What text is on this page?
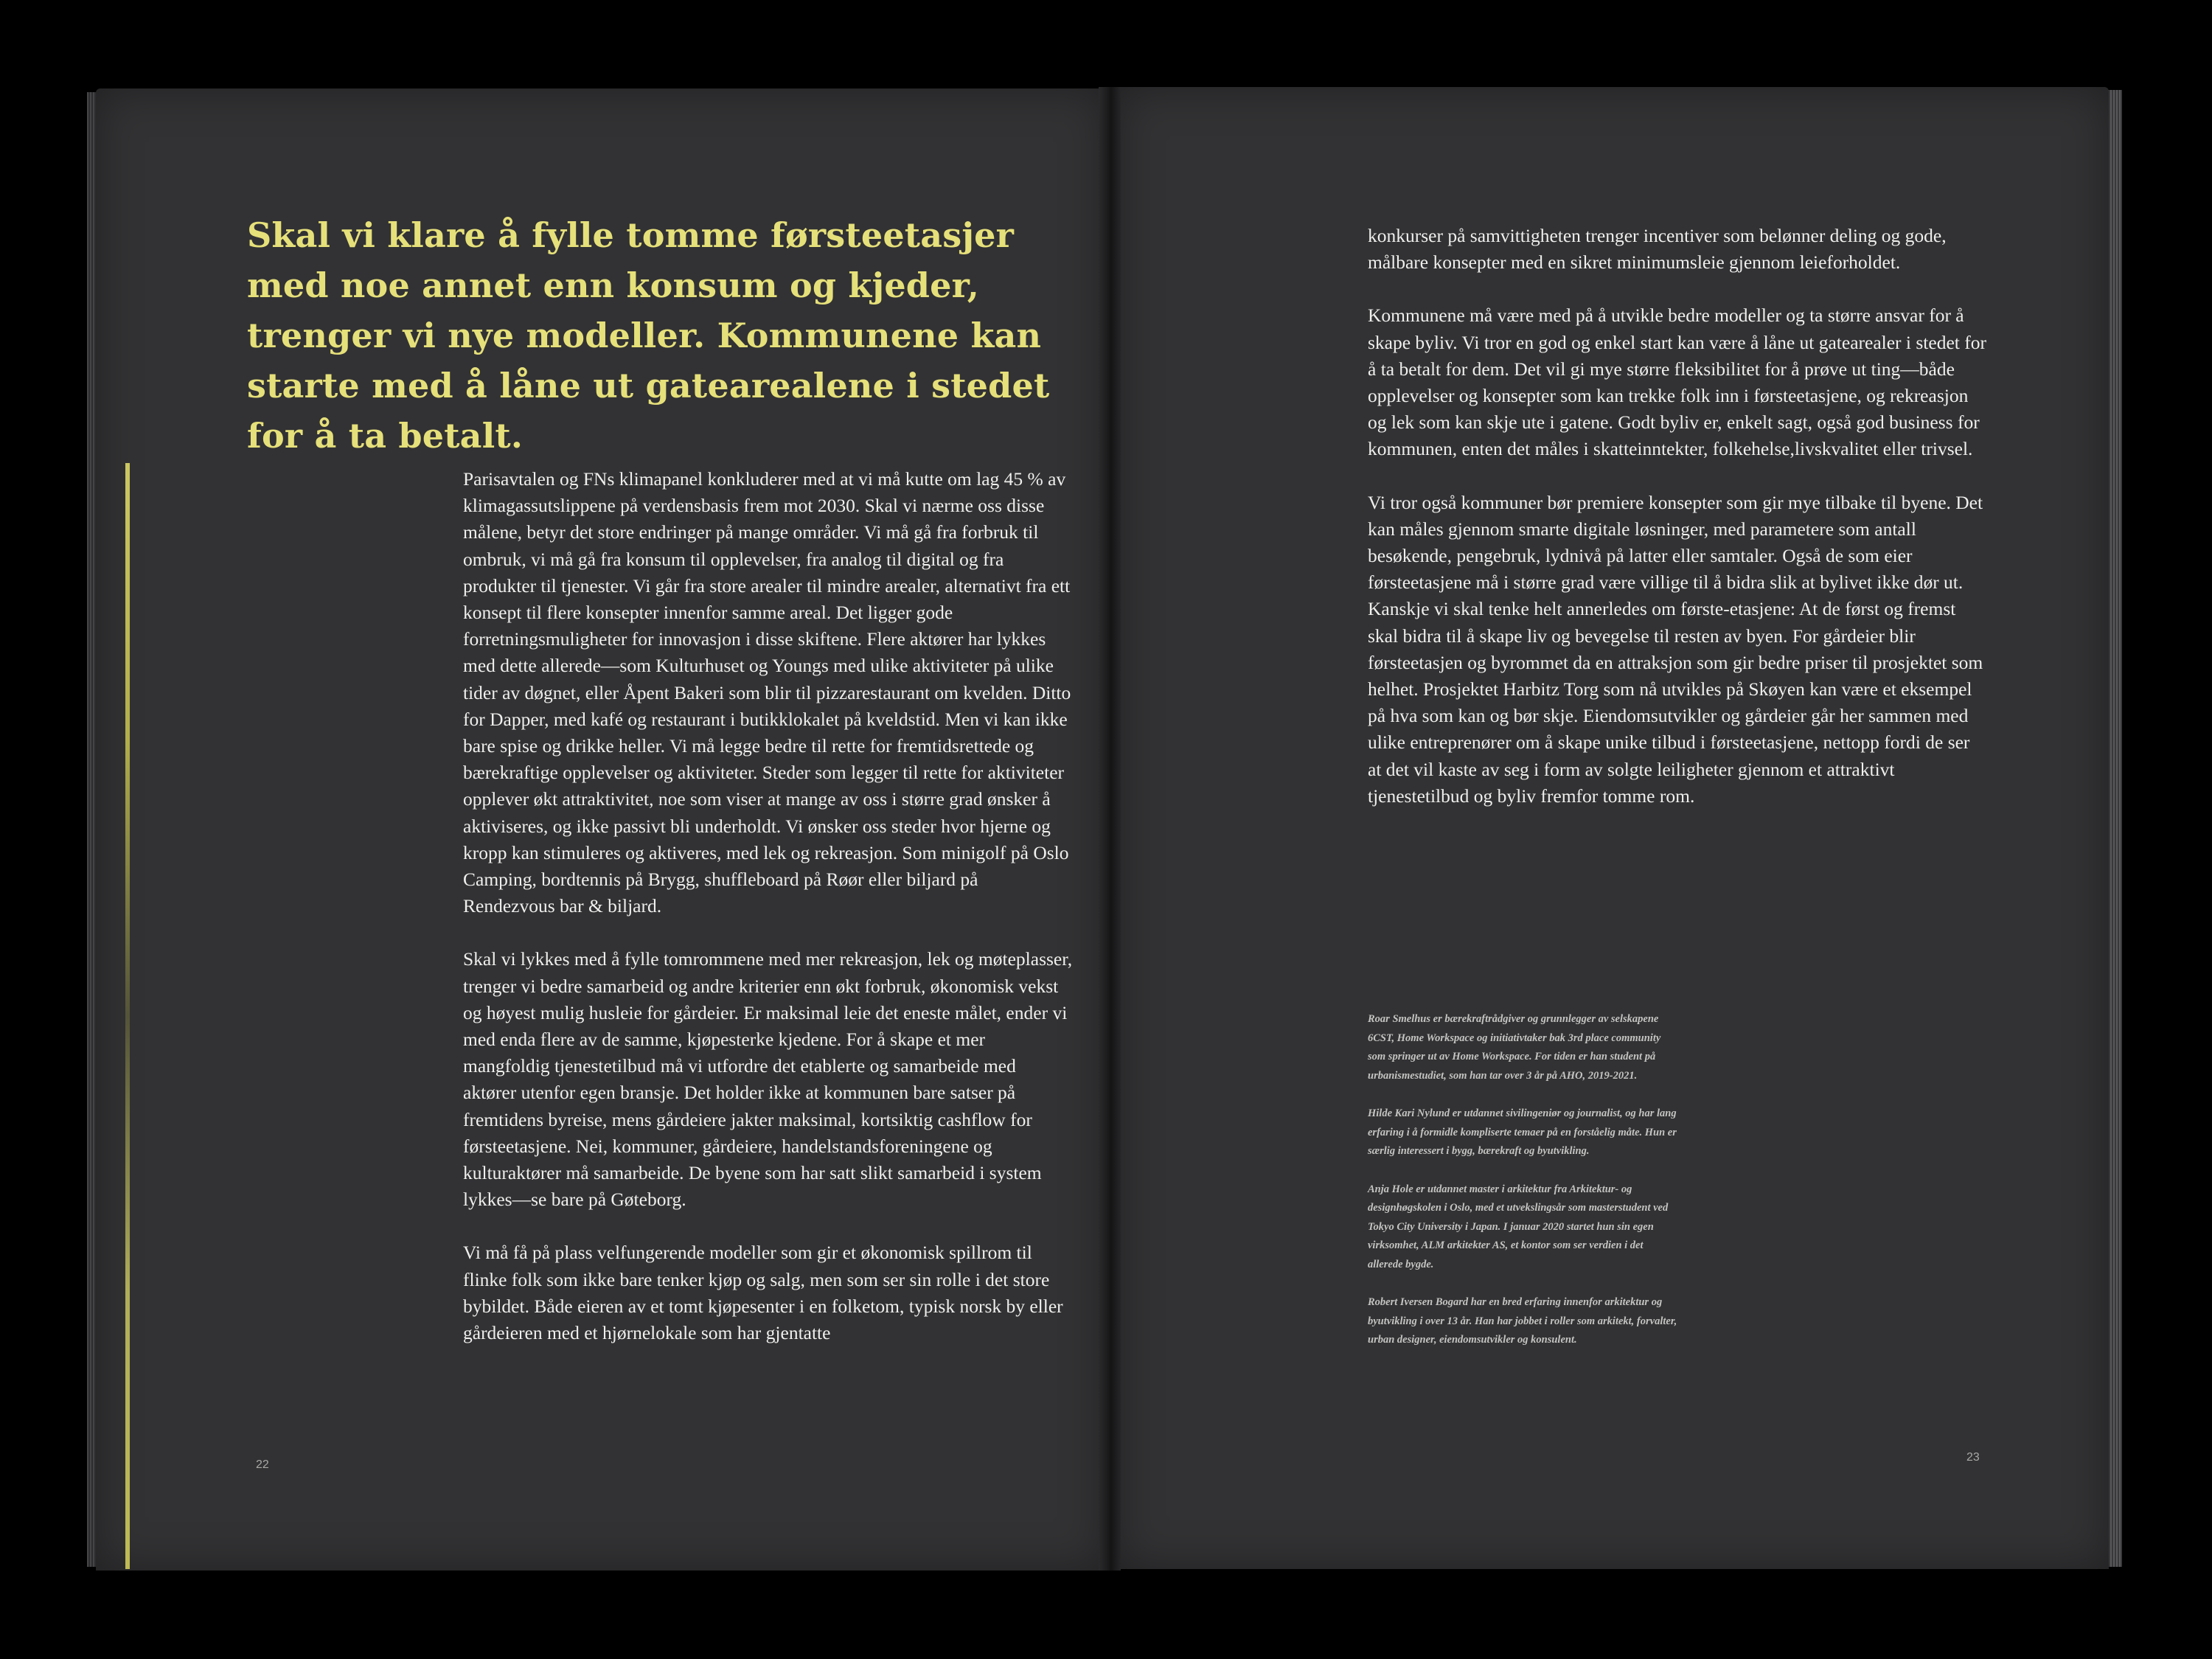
Skal vi klare å fylle tomme førsteetasjer med noe annet enn konsum og kjeder, trenger vi nye modeller. Kommunene kan starte med å låne ut gatearealene i stedet for å ta betalt.

Parisavtalen og FNs klimapanel konkluderer med at vi må kutte om lag 45 % av klimagassutslippene på verdensbasis frem mot 2030. Skal vi nærme oss disse målene, betyr det store endringer på mange områder. Vi må gå fra forbruk til ombruk, vi må gå fra konsum til opplevelser, fra analog til digital og fra produkter til tjenester. Vi går fra store arealer til mindre arealer, alternativt fra ett konsept til flere konsepter innenfor samme areal. Det ligger gode forretningsmuligheter for innovasjon i disse skiftene. Flere aktører har lykkes med dette allerede—som Kulturhuset og Youngs med ulike aktiviteter på ulike tider av døgnet, eller Åpent Bakeri som blir til pizzarestaurant om kvelden. Ditto for Dapper, med kafé og restaurant i butikklokalet på kveldstid. Men vi kan ikke bare spise og drikke heller. Vi må legge bedre til rette for fremtidsrettede og bærekraftige opplevelser og aktiviteter. Steder som legger til rette for aktiviteter opplever økt attraktivitet, noe som viser at mange av oss i større grad ønsker å aktiviseres, og ikke passivt bli underholdt. Vi ønsker oss steder hvor hjerne og kropp kan stimuleres og aktiveres, med lek og rekreasjon. Som minigolf på Oslo Camping, bordtennis på Brygg, shuffleboard på Røør eller biljard på Rendezvous bar & biljard.

Skal vi lykkes med å fylle tomrommene med mer rekreasjon, lek og møteplasser, trenger vi bedre samarbeid og andre kriterier enn økt forbruk, økonomisk vekst og høyest mulig husleie for gårdeier. Er maksimal leie det eneste målet, ender vi med enda flere av de samme, kjøpesterke kjedene. For å skape et mer mangfoldig tjenestetilbud må vi utfordre det etablerte og samarbeide med aktører utenfor egen bransje. Det holder ikke at kommunen bare satser på fremtidens byreise, mens gårdeiere jakter maksimal, kortsiktig cashflow for førsteetasjene. Nei, kommuner, gårdeiere, handelstandsforeningene og kulturaktører må samarbeide. De byene som har satt slikt samarbeid i system lykkes—se bare på Gøteborg.

Vi må få på plass velfungerende modeller som gir et økonomisk spillrom til flinke folk som ikke bare tenker kjøp og salg, men som ser sin rolle i det store bybildet. Både eieren av et tomt kjøpesenter i en folketom, typisk norsk by eller gårdeieren med et hjørnelokale som har gjentatte

konkurser på samvittigheten trenger incentiver som belønner deling og gode, målbare konsepter med en sikret minimumsleie gjennom leieforholdet.

Kommunene må være med på å utvikle bedre modeller og ta større ansvar for å skape byliv. Vi tror en god og enkel start kan være å låne ut gatearealer i stedet for å ta betalt for dem. Det vil gi mye større fleksibilitet for å prøve ut ting—både opplevelser og konsepter som kan trekke folk inn i førsteetasjene, og rekreasjon og lek som kan skje ute i gatene. Godt byliv er, enkelt sagt, også god business for kommunen, enten det måles i skatteinntekter, folkehelse,livskvalitet eller trivsel.

Vi tror også kommuner bør premiere konsepter som gir mye tilbake til byene. Det kan måles gjennom smarte digitale løsninger, med parametere som antall besøkende, pengebruk, lydnivå på latter eller samtaler. Også de som eier førsteetasjene må i større grad være villige til å bidra slik at bylivet ikke dør ut. Kanskje vi skal tenke helt annerledes om første-etasjene: At de først og fremst skal bidra til å skape liv og bevegelse til resten av byen. For gårdeier blir førsteetasjen og byrommet da en attraksjon som gir bedre priser til prosjektet som helhet. Prosjektet Harbitz Torg som nå utvikles på Skøyen kan være et eksempel på hva som kan og bør skje. Eiendomsutvikler og gårdeier går her sammen med ulike entreprenører om å skape unike tilbud i førsteetasjene, nettopp fordi de ser at det vil kaste av seg i form av solgte leiligheter gjennom et attraktivt tjenestetilbud og byliv fremfor tomme rom.

Roar Smelhus er bærekraftrådgiver og grunnlegger av selskapene 6CST, Home Workspace og initiativtaker bak 3rd place community som springer ut av Home Workspace. For tiden er han student på urbanismestudiet, som han tar over 3 år på AHO, 2019-2021.

Hilde Kari Nylund er utdannet sivilingeniør og journalist, og har lang erfaring i å formidle kompliserte temaer på en forståelig måte. Hun er særlig interessert i bygg, bærekraft og byutvikling.

Anja Hole er utdannet master i arkitektur fra Arkitektur- og designhøgskolen i Oslo, med et utvekslingsår som masterstudent ved Tokyo City University i Japan. I januar 2020 startet hun sin egen virksomhet, ALM arkitekter AS, et kontor som ser verdien i det allerede bygde.

Robert Iversen Bogard har en bred erfaring innenfor arkitektur og byutvikling i over 13 år. Han har jobbet i roller som arkitekt, forvalter, urban designer, eiendomsutvikler og konsulent.

22
23
